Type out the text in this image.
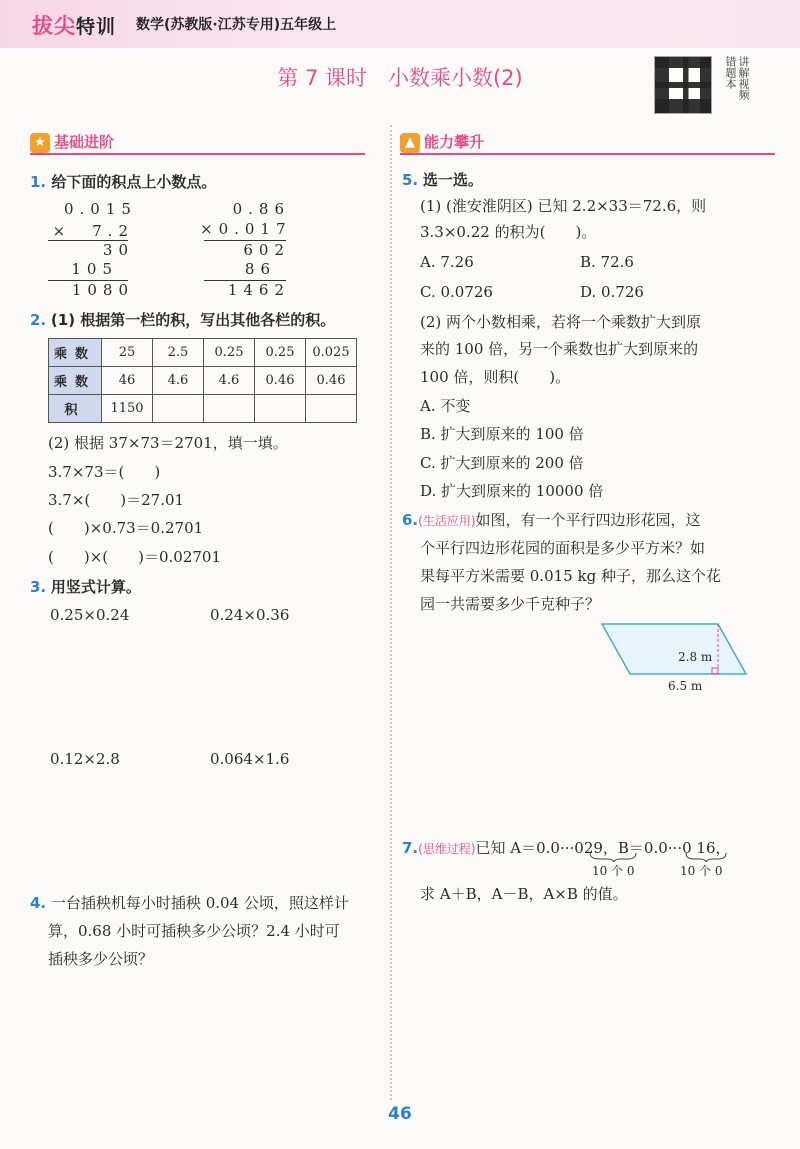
拔尖特训 数学(苏教版·江苏专用)五年级上
第 7 课时　小数乘小数(2)	讲解视频错题本
★ 基础进阶	▲ 能力攀升
1. 给下面的积点上小数点。
0.015
×　7.2
30
105
1080
0.86
×0.017
602
86
1462
2. (1) 根据第一栏的积，写出其他各栏的积。
乘数	25	2.5	0.25	0.25	0.025
乘数	46	4.6	4.6	0.46	0.46
积	1150				
(2) 根据 37×73＝2701，填一填。
3.7×73＝(　　)
3.7×(　　)＝27.01
(　　)×0.73＝0.2701
(　　)×(　　)＝0.02701
3. 用竖式计算。
0.25×0.24	0.24×0.36
0.12×2.8	0.064×1.6
4. 一台插秧机每小时插秧 0.04 公顷，照这样计
算，0.68 小时可插秧多少公顷？2.4 小时可
插秧多少公顷？
5. 选一选。
(1) (淮安淮阴区) 已知 2.2×33＝72.6，则
3.3×0.22 的积为(　　)。
A. 7.26	B. 72.6
C. 0.0726	D. 0.726
(2) 两个小数相乘，若将一个乘数扩大到原
来的 100 倍，另一个乘数也扩大到原来的
100 倍，则积(　　)。
A. 不变
B. 扩大到原来的 100 倍
C. 扩大到原来的 200 倍
D. 扩大到原来的 10000 倍
6.(生活应用)如图，有一个平行四边形花园，这
个平行四边形花园的面积是多少平方米？如
果每平方米需要 0.015 kg 种子，那么这个花
园一共需要多少千克种子？
2.8 m
6.5 m
7.(思维过程)已知 A＝0.0···029，B＝0.0···0 16，
10 个 0	10 个 0
求 A＋B，A－B，A×B 的值。
46
